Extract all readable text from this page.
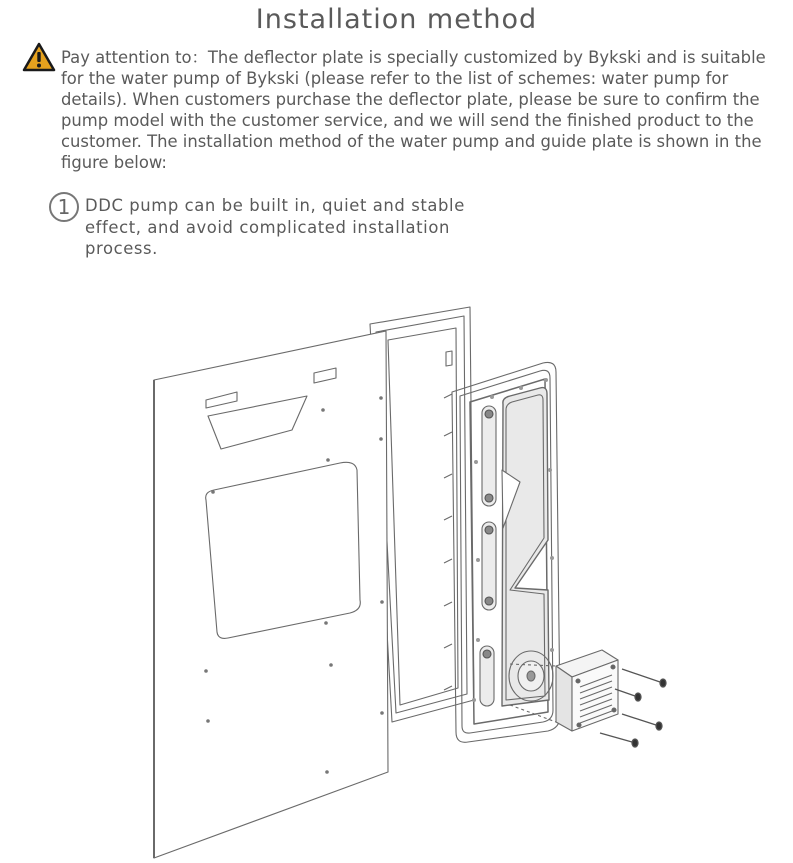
Installation method
Pay attention to：The deflector plate is specially customized by Bykski and is suitable for the water pump of Bykski (please refer to the list of schemes: water pump for details). When customers purchase the deflector plate, please be sure to confirm the pump model with the customer service, and we will send the finished product to the customer. The installation method of the water pump and guide plate is shown in the figure below:
1 DDC pump can be built in, quiet and stable effect, and avoid complicated installation process.
